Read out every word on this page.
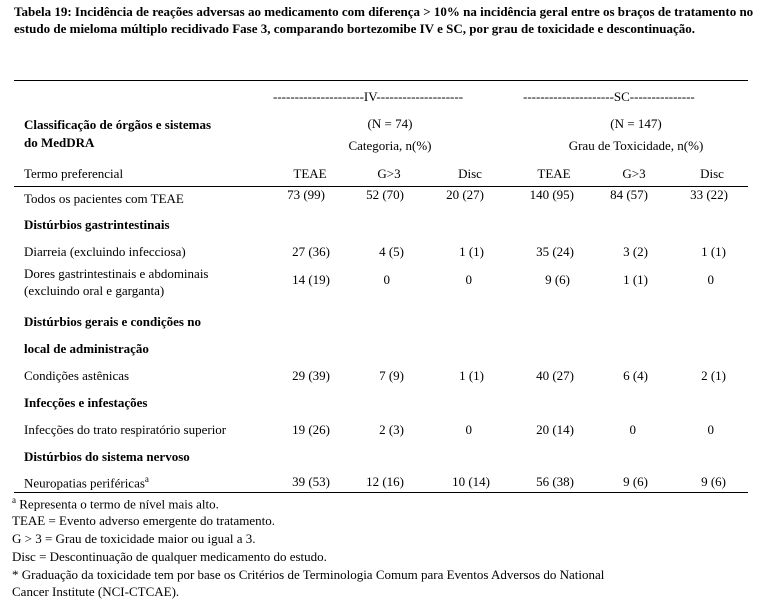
Tabela 19: Incidência de reações adversas ao medicamento com diferença > 10% na incidência geral entre os braços de tratamento no estudo de mieloma múltiplo recidivado Fase 3, comparando bortezomibe IV e SC, por grau de toxicidade e descontinuação.
---------------------IV--------------------	---------------------SC---------------
Classificação de órgãos e sistemas
do MedDRA
(N = 74)	(N = 147)
Categoria, n(%)	Grau de Toxicidade, n(%)
Termo preferencial	TEAE	G>3	Disc	TEAE	G>3	Disc
Todos os pacientes com TEAE	73 (99)	52 (70)	20 (27)	140 (95)	84 (57)	33 (22)
Distúrbios gastrintestinais
Diarreia (excluindo infecciosa)	27 (36)	4 (5)	1 (1)	35 (24)	3 (2)	1 (1)
Dores gastrintestinais e abdominais
(excluindo oral e garganta)
14 (19)	0	0	9 (6)	1 (1)	0
Distúrbios gerais e condições no
local de administração
Condições astênicas	29 (39)	7 (9)	1 (1)	40 (27)	6 (4)	2 (1)
Infecções e infestações
Infecções do trato respiratório superior	19 (26)	2 (3)	0	20 (14)	0	0
Distúrbios do sistema nervoso
Neuropatias periféricas$^a$	39 (53)	12 (16)	10 (14)	56 (38)	9 (6)	9 (6)
$^a$ Representa o termo de nível mais alto.
TEAE = Evento adverso emergente do tratamento.
G > 3 = Grau de toxicidade maior ou igual a 3.
Disc = Descontinuação de qualquer medicamento do estudo.
* Graduação da toxicidade tem por base os Critérios de Terminologia Comum para Eventos Adversos do National
Cancer Institute (NCI-CTCAE).
